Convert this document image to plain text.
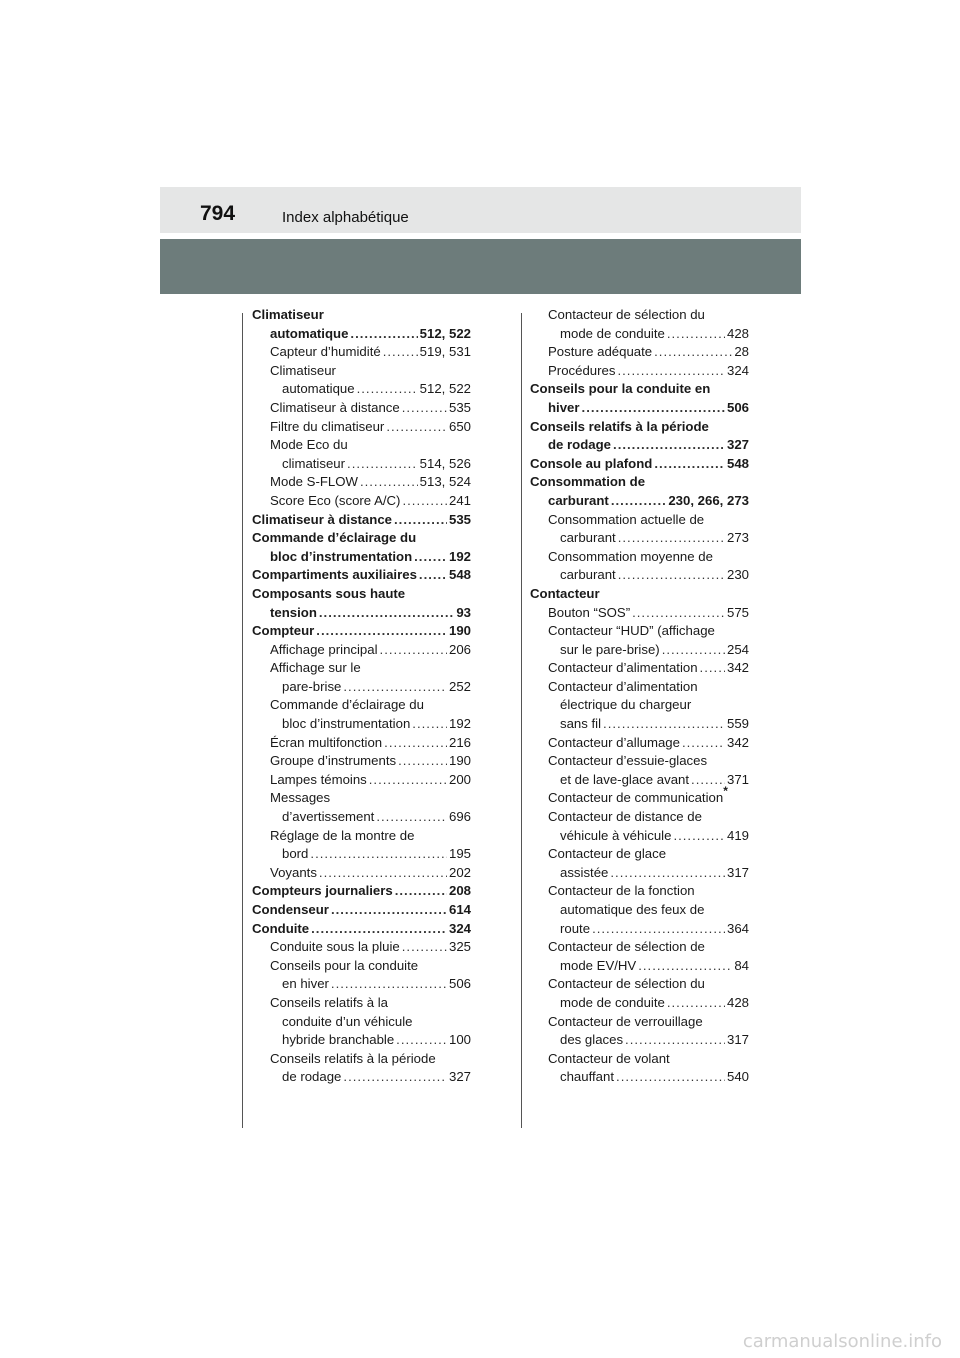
794	Index alphabétique
Climatiseur
automatique .....	512, 522
Capteur d’humidité .....	519, 531
Climatiseur
automatique .....	512, 522
Climatiseur à distance .....	535
Filtre du climatiseur .....	650
Mode Eco du
climatiseur .....	514, 526
Mode S-FLOW .....	513, 524
Score Eco (score A/C) .....	241
Climatiseur à distance .....	535
Commande d’éclairage du
bloc d’instrumentation .....	192
Compartiments auxiliaires ..... 548
Composants sous haute
tension .....	93
Compteur .....	190
Affichage principal .....	206
Affichage sur le
pare-brise .....	252
Commande d’éclairage du
bloc d’instrumentation .....	192
Écran multifonction .....	216
Groupe d’instruments .....	190
Lampes témoins .....	200
Messages
d’avertissement .....	696
Réglage de la montre de
bord .....	195
Voyants .....	202
Compteurs journaliers .....	208
Condenseur .....	614
Conduite .....	324
Conduite sous la pluie .....	325
Conseils pour la conduite
en hiver .....	506
Conseils relatifs à la
conduite d’un véhicule
hybride branchable .....	100
Conseils relatifs à la période
de rodage .....	327
Contacteur de sélection du
mode de conduite .....	428
Posture adéquate .....	28
Procédures .....	324
Conseils pour la conduite en
hiver .....	506
Conseils relatifs à la période
de rodage .....	327
Console au plafond .....	548
Consommation de
carburant .....	230, 266, 273
Consommation actuelle de
carburant .....	273
Consommation moyenne de
carburant .....	230
Contacteur
Bouton “SOS” .....	575
Contacteur “HUD” (affichage
sur le pare-brise) .....	254
Contacteur d’alimentation ..... 342
Contacteur d’alimentation
électrique du chargeur
sans fil .....	559
Contacteur d’allumage .....	342
Contacteur d’essuie-glaces
et de lave-glace avant .....	371
Contacteur de communication*
Contacteur de distance de
véhicule à véhicule .....	419
Contacteur de glace
assistée .....	317
Contacteur de la fonction
automatique des feux de
route .....	364
Contacteur de sélection de
mode EV/HV .....	84
Contacteur de sélection du
mode de conduite .....	428
Contacteur de verrouillage
des glaces .....	317
Contacteur de volant
chauffant .....	540
carmanualsonline.info
